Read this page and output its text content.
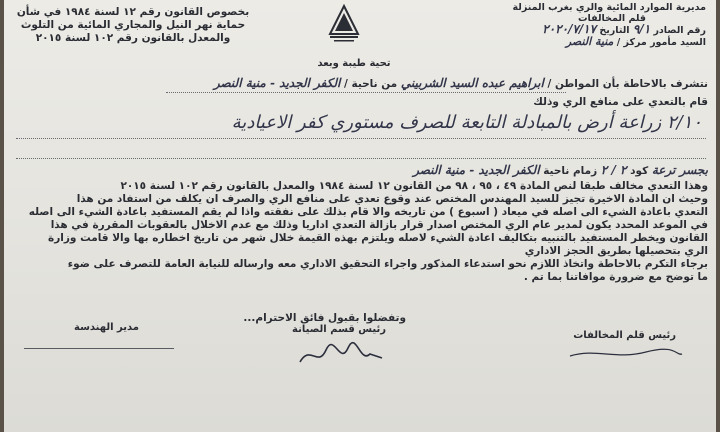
مديرية الموارد المائية والري بغرب المنزلة
قلم المخالفات
رقم الصادر ٩/١ التاريخ ٢٠٢٠/٧/١٧
السيد مأمور مركز / منية النصر
بخصوص القانون رقم ١٢ لسنة ١٩٨٤ في شأن
حماية نهر النيل والمجاري المائية من التلوث
والمعدل بالقانون رقم ١٠٢ لسنة ٢٠١٥
تحية طيبة وبعد
نتشرف بالاحاطة بأن المواطن / ابراهيم عبده السيد الشربيني من ناحية / الكفر الجديد - منية النصر
قام بالتعدي على منافع الري وذلك
٢/١٠ زراعة أرض بالمبادلة التابعة للصرف مستوري كفر الاعيادية
بجسر ترعة كود ٢ / ٢ زمام ناحية الكفر الجديد - منية النصر
وهذا التعدي مخالف طبقا لنص المادة ٤٩ ، ٩٥ ، ٩٨ من القانون ١٢ لسنة ١٩٨٤ والمعدل بالقانون رقم ١٠٢ لسنة ٢٠١٥
وحيث ان المادة الاخيرة تجيز للسيد المهندس المختص عند وقوع تعدي على منافع الري والصرف ان يكلف من استفاد من هذا
التعدي باعادة الشيء الى اصله في ميعاد ( اسبوع ) من تاريخه والا قام بذلك على نفقته واذا لم يقم المستفيد باعادة الشيء الى اصله
في الموعد المحدد يكون لمدير عام الري المختص اصدار قرار بازالة التعدي اداريا وذلك مع عدم الاخلال بالعقوبات المقررة في هذا
القانون ويخطر المستفيد بالتنبيه بتكاليف اعادة الشيء لاصله ويلتزم بهذه القيمة خلال شهر من تاريخ اخطاره بها والا قامت وزارة
الري بتحصيلها بطريق الحجز الاداري
برجاء التكرم بالاحاطة واتخاذ اللازم نحو استدعاء المذكور واجراء التحقيق الاداري معه وارساله للنيابة العامة للتصرف على ضوء
ما توضح مع ضرورة موافاتنا بما تم .
وتفضلوا بقبول فائق الاحترام...
رئيس قلم المخالفات
رئيس قسم الصيانة
مدير الهندسة
